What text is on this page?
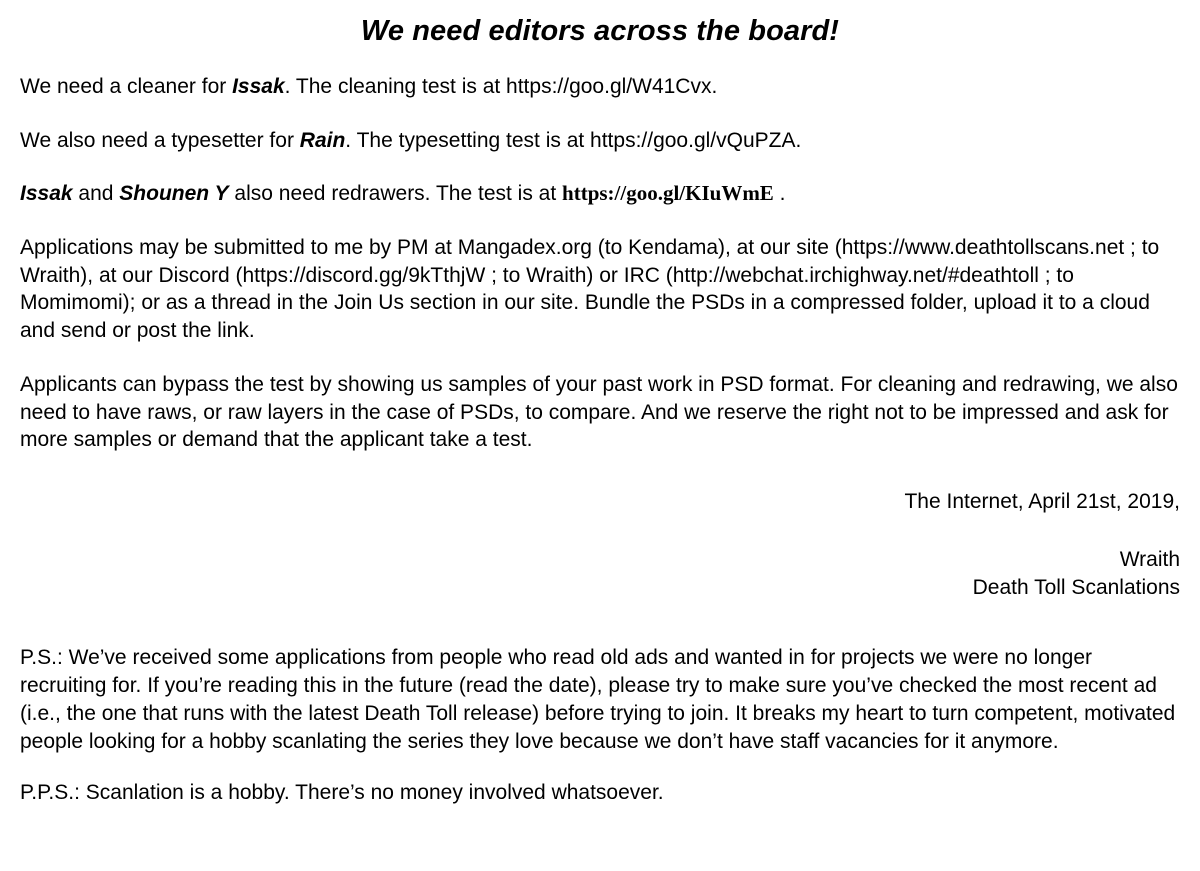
We need editors across the board!

We need a cleaner for Issak. The cleaning test is at https://goo.gl/W41Cvx.

We also need a typesetter for Rain. The typesetting test is at https://goo.gl/vQuPZA.

Issak and Shounen Y also need redrawers. The test is at https://goo.gl/KIuWmE .

Applications may be submitted to me by PM at Mangadex.org (to Kendama), at our site (https://www.deathtollscans.net ; to Wraith), at our Discord (https://discord.gg/9kTthjW ; to Wraith) or IRC (http://webchat.irchighway.net/#deathtoll ; to Momimomi); or as a thread in the Join Us section in our site. Bundle the PSDs in a compressed folder, upload it to a cloud and send or post the link.

Applicants can bypass the test by showing us samples of your past work in PSD format. For cleaning and redrawing, we also need to have raws, or raw layers in the case of PSDs, to compare. And we reserve the right not to be impressed and ask for more samples or demand that the applicant take a test.

The Internet, April 21st, 2019,
Wraith
Death Toll Scanlations

P.S.: We’ve received some applications from people who read old ads and wanted in for projects we were no longer recruiting for. If you’re reading this in the future (read the date), please try to make sure you’ve checked the most recent ad (i.e., the one that runs with the latest Death Toll release) before trying to join. It breaks my heart to turn competent, motivated people looking for a hobby scanlating the series they love because we don’t have staff vacancies for it anymore.

P.P.S.: Scanlation is a hobby. There’s no money involved whatsoever.
